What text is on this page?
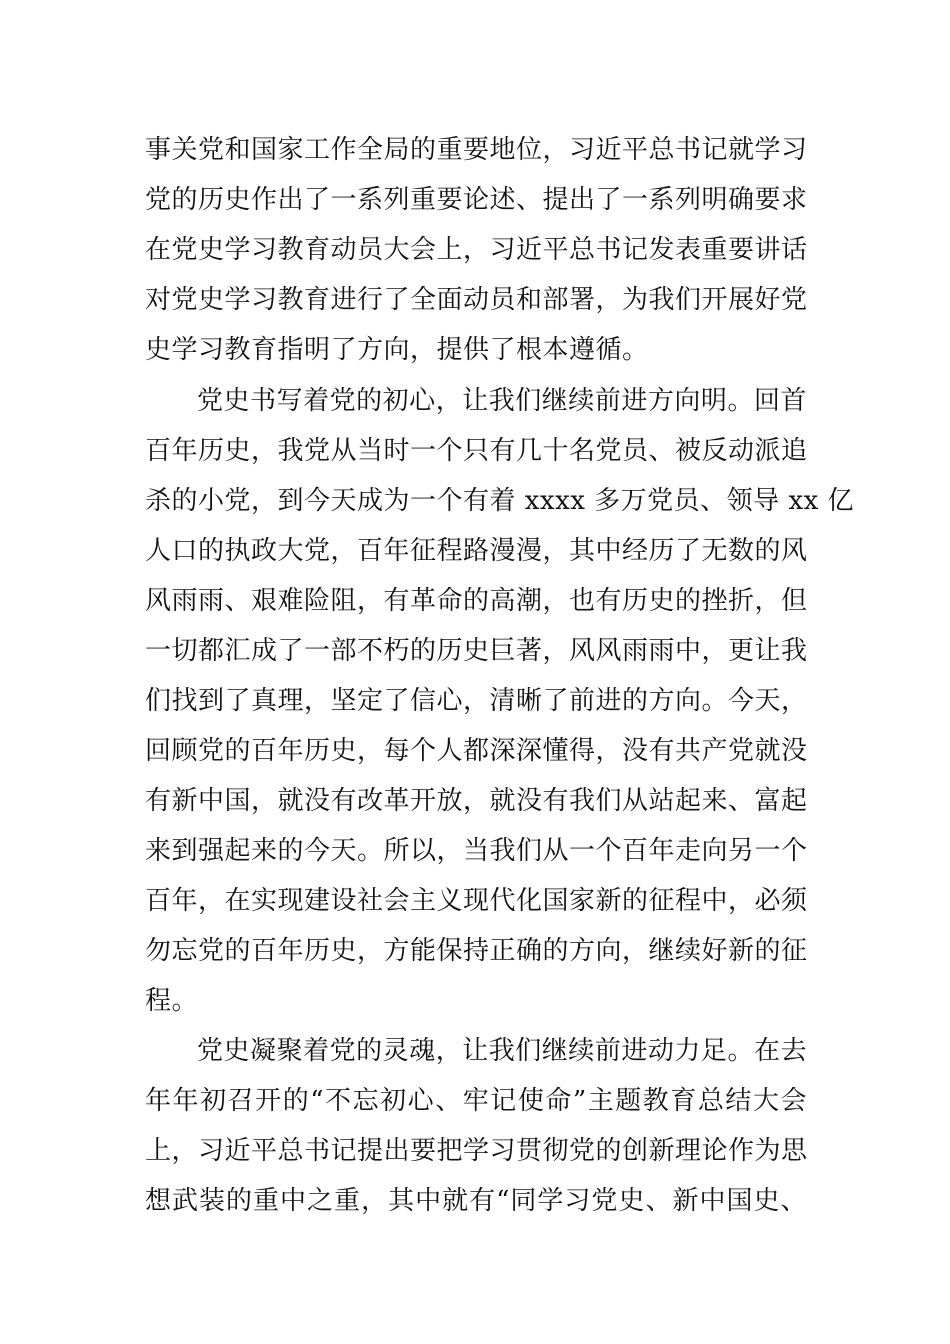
事关党和国家工作全局的重要地位，习近平总书记就学习
党的历史作出了一系列重要论述、提出了一系列明确要求
在党史学习教育动员大会上，习近平总书记发表重要讲话
对党史学习教育进行了全面动员和部署，为我们开展好党
史学习教育指明了方向，提供了根本遵循。
党史书写着党的初心，让我们继续前进方向明。回首
百年历史，我党从当时一个只有几十名党员、被反动派追
杀的小党，到今天成为一个有着 xxxx 多万党员、领导 xx 亿
人口的执政大党，百年征程路漫漫，其中经历了无数的风
风雨雨、艰难险阻，有革命的高潮，也有历史的挫折，但
一切都汇成了一部不朽的历史巨著，风风雨雨中，更让我
们找到了真理，坚定了信心，清晰了前进的方向。今天，
回顾党的百年历史，每个人都深深懂得，没有共产党就没
有新中国，就没有改革开放，就没有我们从站起来、富起
来到强起来的今天。所以，当我们从一个百年走向另一个
百年，在实现建设社会主义现代化国家新的征程中，必须
勿忘党的百年历史，方能保持正确的方向，继续好新的征
程。
党史凝聚着党的灵魂，让我们继续前进动力足。在去
年年初召开的“不忘初心、牢记使命”主题教育总结大会
上，习近平总书记提出要把学习贯彻党的创新理论作为思
想武装的重中之重，其中就有“同学习党史、新中国史、
